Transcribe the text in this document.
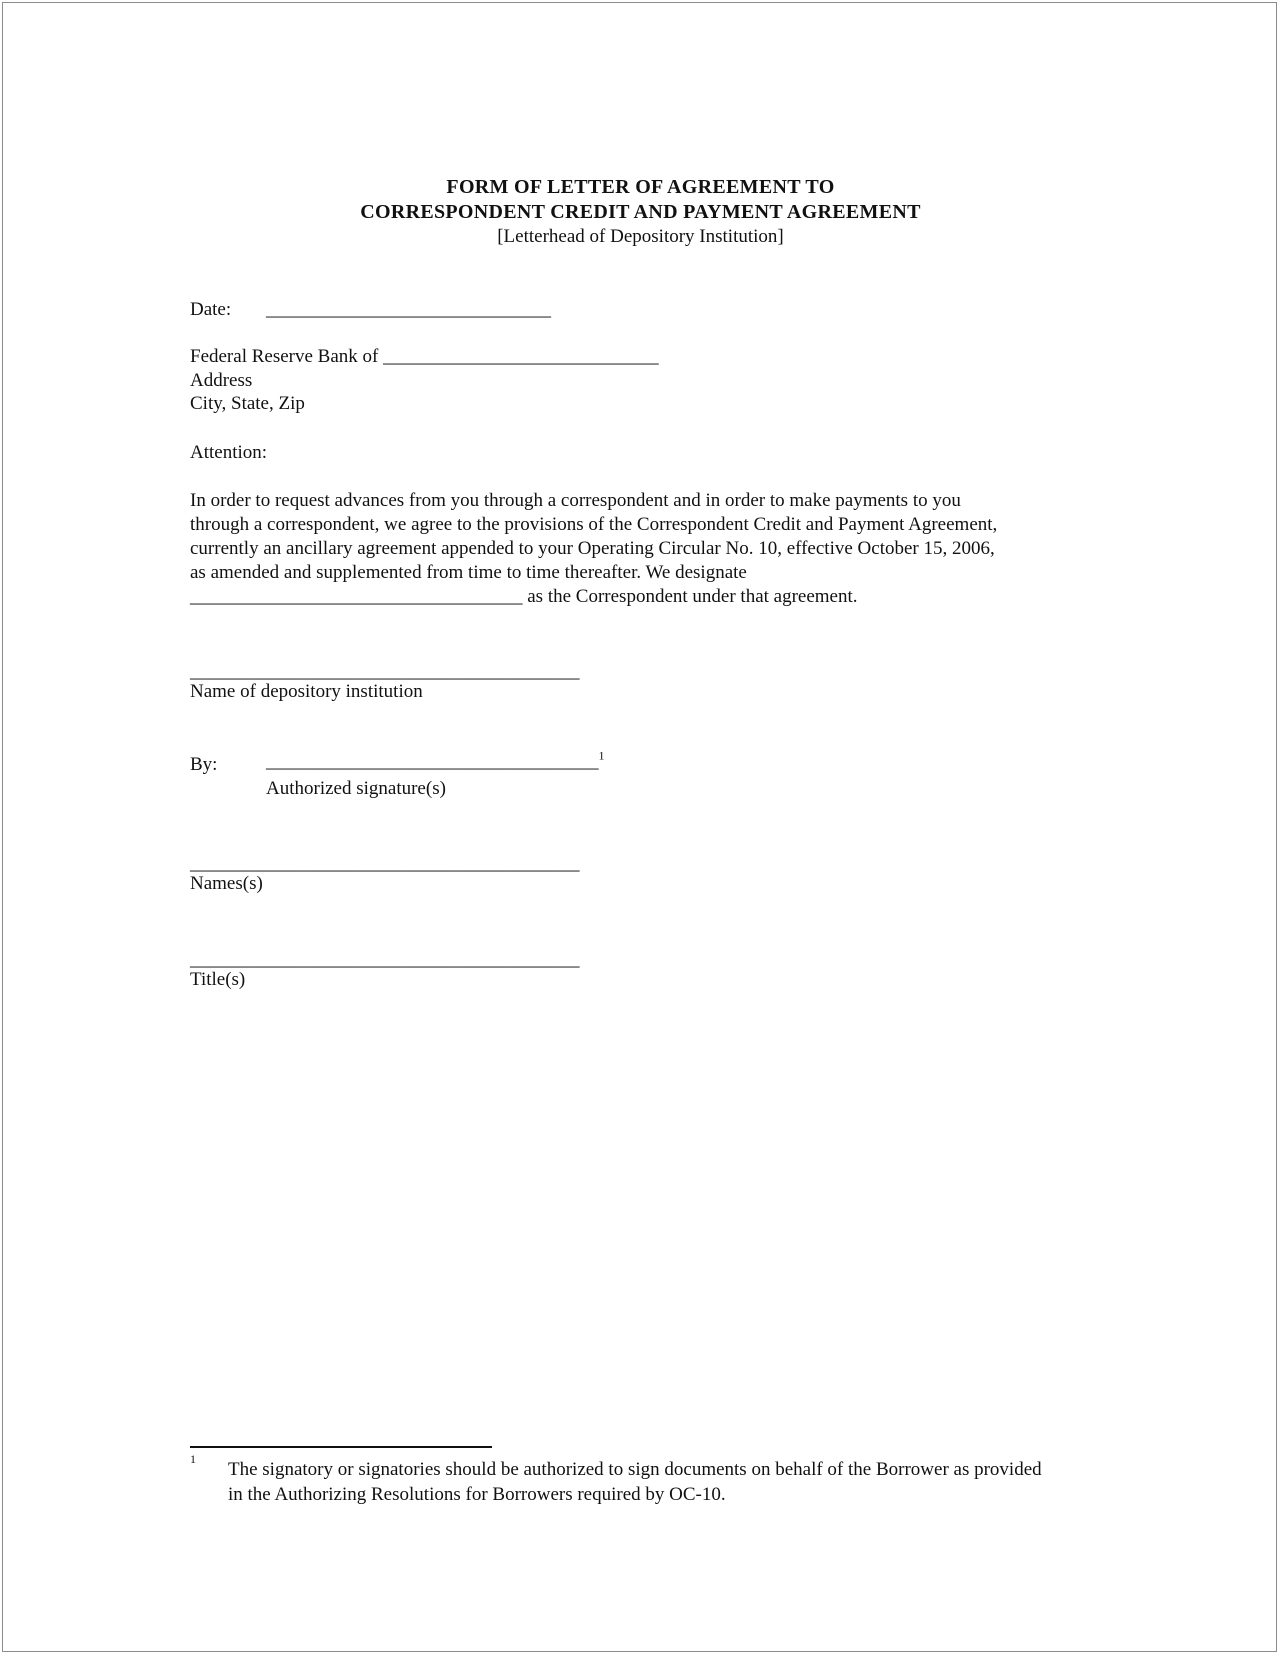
FORM OF LETTER OF AGREEMENT TO
CORRESPONDENT CREDIT AND PAYMENT AGREEMENT
[Letterhead of Depository Institution]
Date: ______________________________
Federal Reserve Bank of _____________________________
Address
City, State, Zip
Attention:
In order to request advances from you through a correspondent and in order to make payments to you
through a correspondent, we agree to the provisions of the Correspondent Credit and Payment Agreement,
currently an ancillary agreement appended to your Operating Circular No. 10, effective October 15, 2006,
as amended and supplemented from time to time thereafter. We designate
___________________________________ as the Correspondent under that agreement.
_________________________________________
Name of depository institution
By:	___________________________________$^1$
Authorized signature(s)
_________________________________________
Names(s)
_________________________________________
Title(s)
1 The signatory or signatories should be authorized to sign documents on behalf of the Borrower as provided
in the Authorizing Resolutions for Borrowers required by OC-10.
